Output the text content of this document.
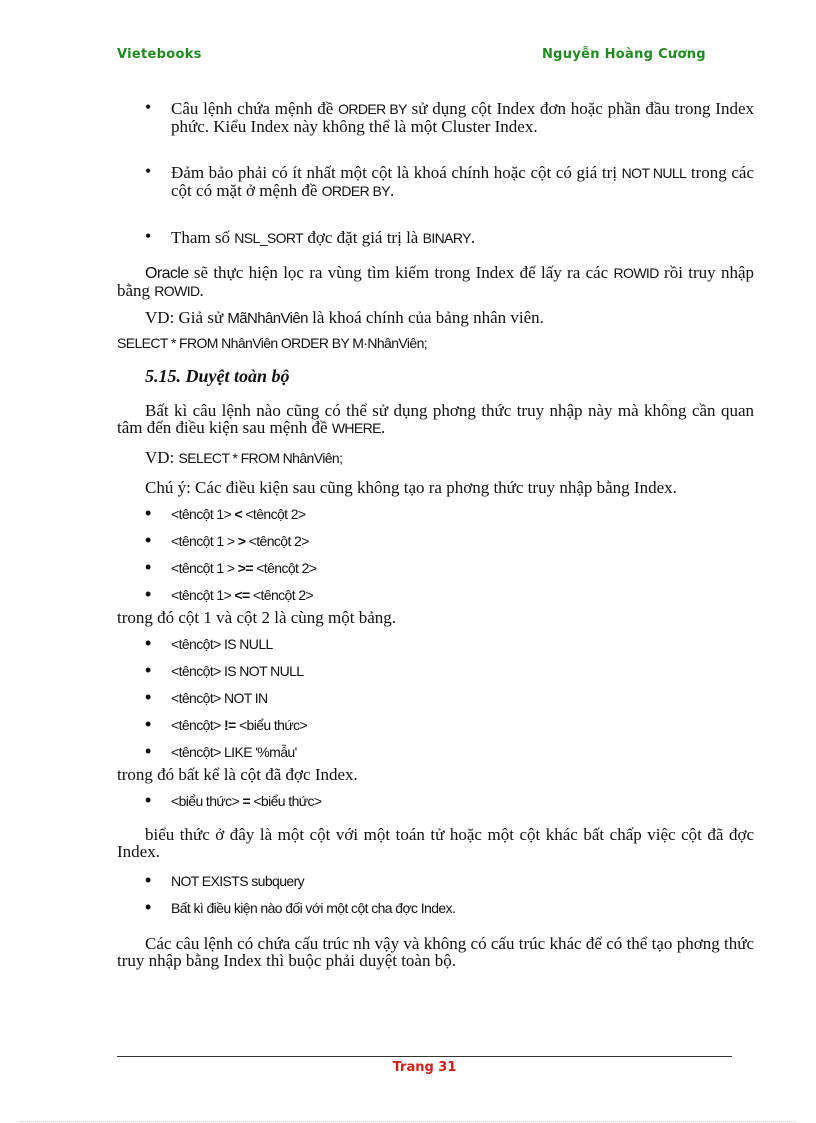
Vietebooks	Nguyễn Hoàng Cương

• Câu lệnh chứa mệnh đề ORDER BY sử dụng cột Index đơn hoặc phần đầu trong Index phức. Kiểu Index này không thể là một Cluster Index.

• Đảm bảo phải có ít nhất một cột là khoá chính hoặc cột có giá trị NOT NULL trong các cột có mặt ở mệnh đề ORDER BY.

• Tham số NSL_SORT đợc đặt giá trị là BINARY.

Oracle sẽ thực hiện lọc ra vùng tìm kiếm trong Index để lấy ra các ROWID rồi truy nhập bằng ROWID.

VD: Giả sử MãNhânViên là khoá chính của bảng nhân viên.

SELECT * FROM NhânViên ORDER BY M·NhânViên;

5.15. Duyệt toàn bộ

Bất kì câu lệnh nào cũng có thể sử dụng phơng thức truy nhập này mà không cần quan tâm đến điều kiện sau mệnh đề WHERE.

VD: SELECT * FROM NhânViên;

Chú ý: Các điều kiện sau cũng không tạo ra phơng thức truy nhập bằng Index.

• <têncột 1> < <têncột 2>

• <têncột 1 > > <têncột 2>

• <têncột 1 > >= <têncột 2>

• <têncột 1> <= <têncột 2>

trong đó cột 1 và cột 2 là cùng một bảng.

• <têncột> IS NULL

• <têncột> IS NOT NULL

• <têncột> NOT IN

• <têncột> != <biểu thức>

• <têncột> LIKE '%mẫu'

trong đó bất kể là cột đã đợc Index.

• <biểu thức> = <biểu thức>

biểu thức ở đây là một cột với một toán tử hoặc một cột khác bất chấp việc cột đã đợc Index.

• NOT EXISTS subquery

• Bất kì điều kiện nào đối với một cột cha đợc Index.

Các câu lệnh có chứa cấu trúc nh vậy và không có cấu trúc khác để có thể tạo phơng thức truy nhập bằng Index thì buộc phải duyệt toàn bộ.

Trang 31
